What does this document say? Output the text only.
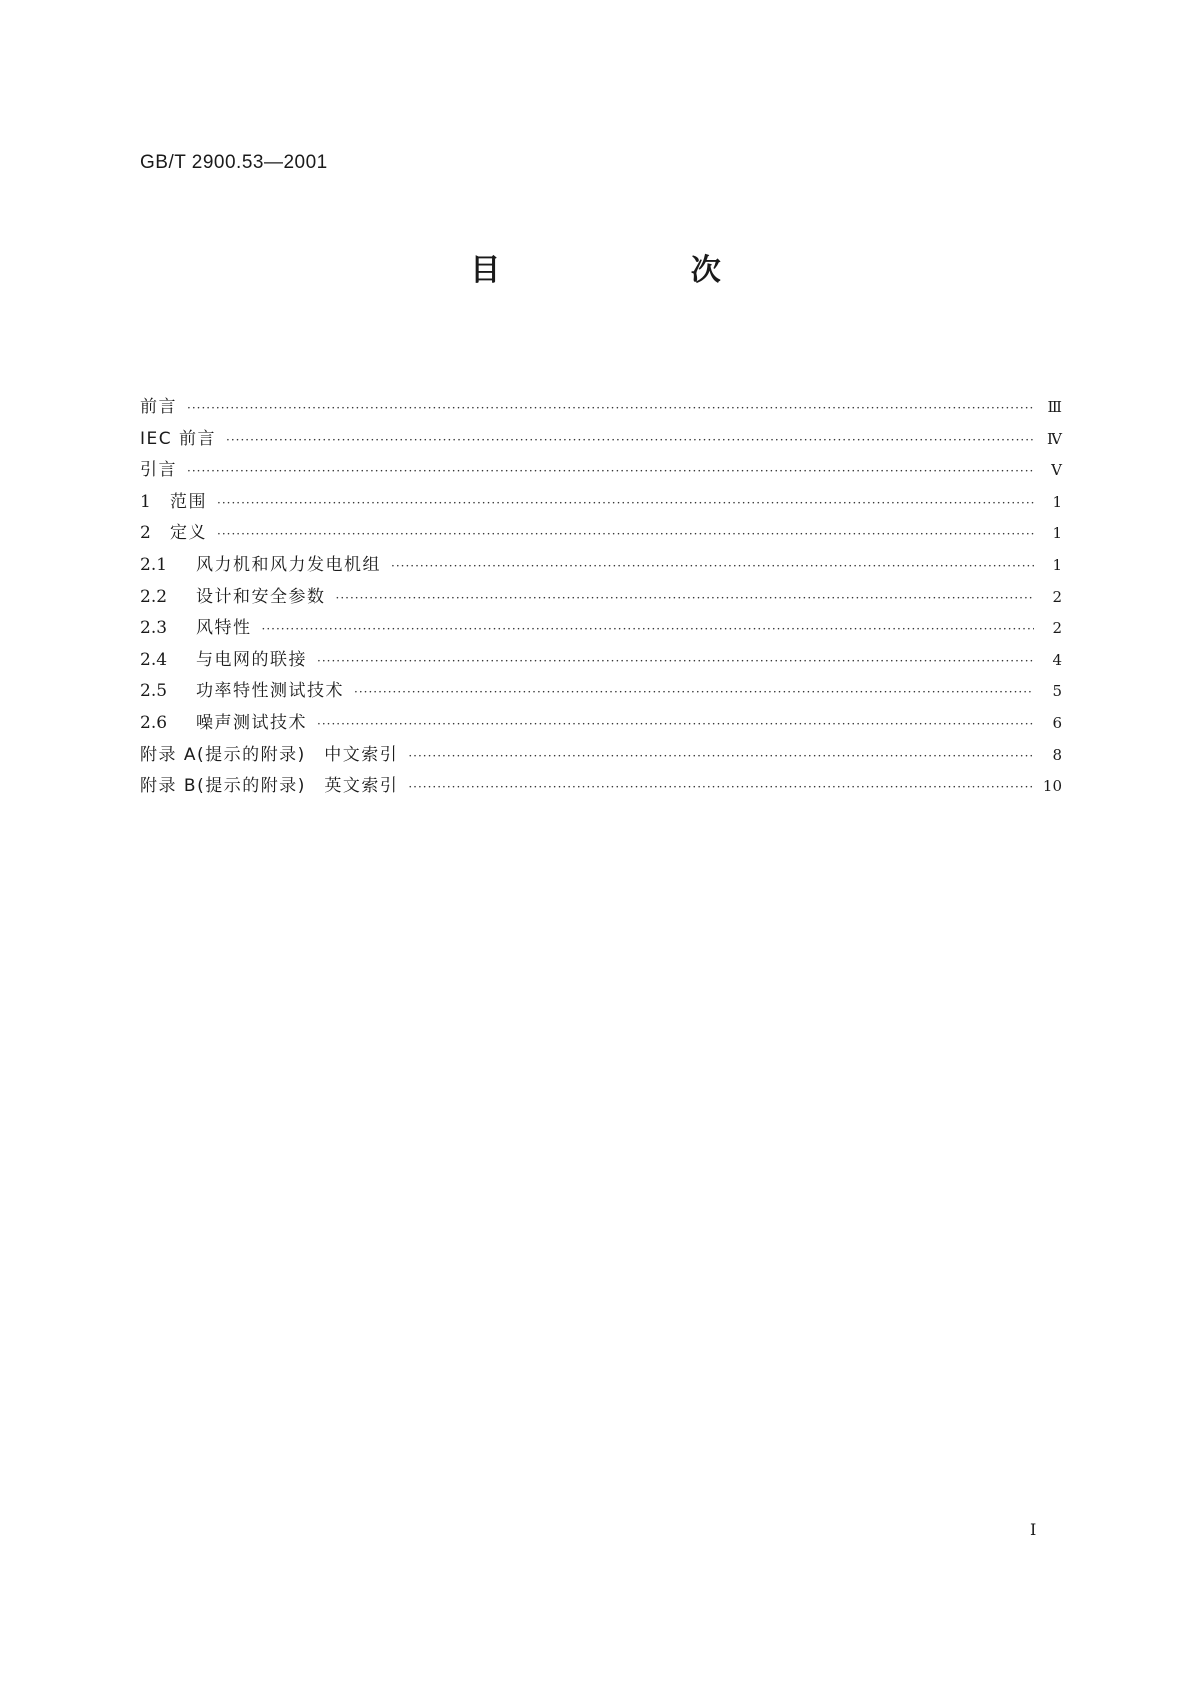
GB/T 2900.53—2001
目 次
前言 ·····	Ⅲ
IEC 前言 ·····	Ⅳ
引言 ·····	Ⅴ
1	范围 ·····	1
2	定义 ·····	1
2.1	风力机和风力发电机组 ·····	1
2.2	设计和安全参数 ·····	2
2.3	风特性 ·····	2
2.4	与电网的联接 ·····	4
2.5	功率特性测试技术 ·····	5
2.6	噪声测试技术 ·····	6
附录 A(提示的附录)　中文索引 ·····	8
附录 B(提示的附录)　英文索引 ·····	10
I
